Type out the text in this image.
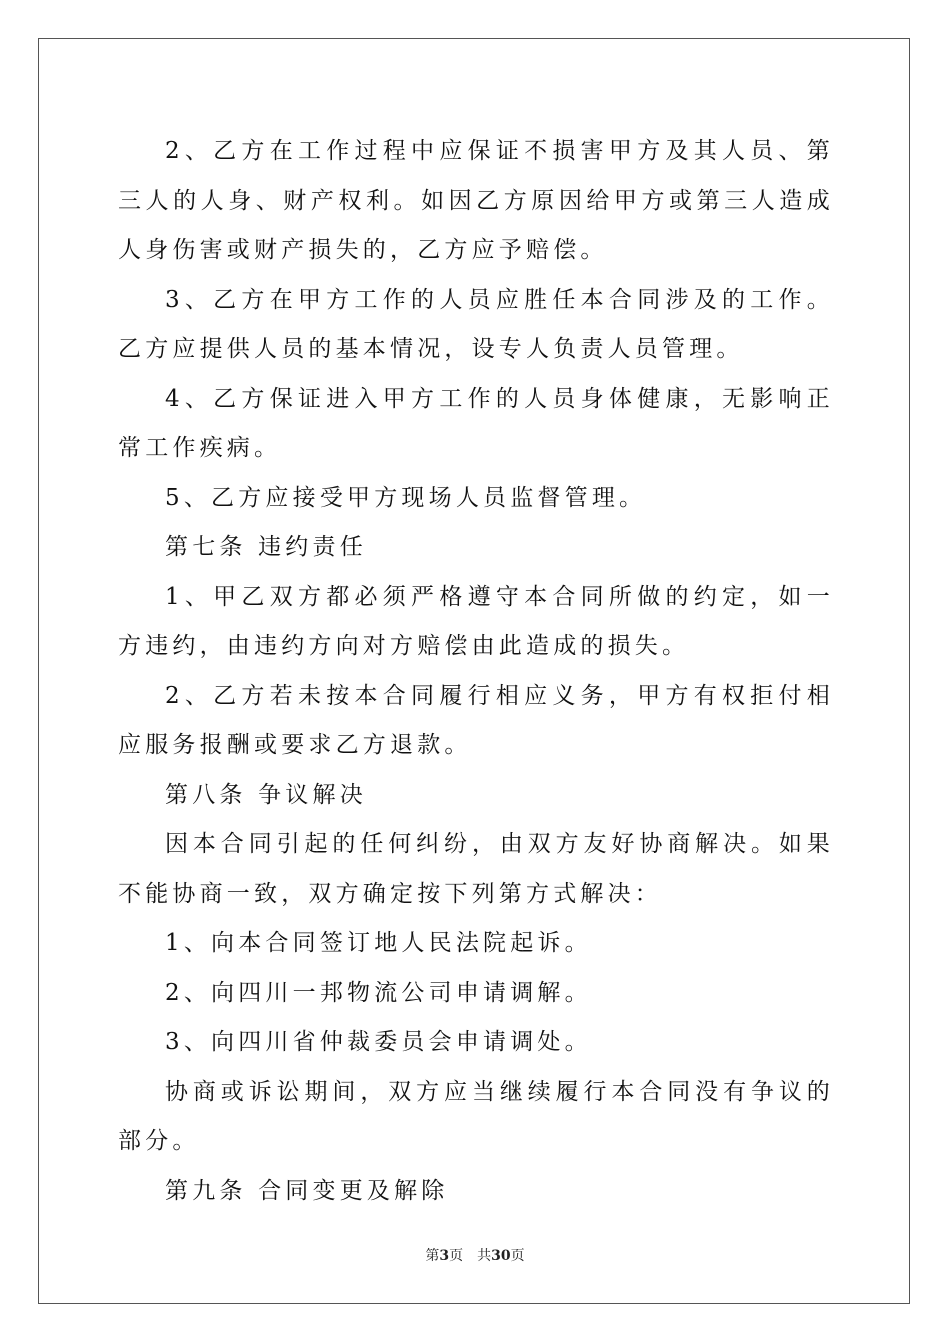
2、乙方在工作过程中应保证不损害甲方及其人员、第三人的人身、财产权利。如因乙方原因给甲方或第三人造成人身伤害或财产损失的，乙方应予赔偿。

3、乙方在甲方工作的人员应胜任本合同涉及的工作。乙方应提供人员的基本情况，设专人负责人员管理。

4、乙方保证进入甲方工作的人员身体健康，无影响正常工作疾病。

5、乙方应接受甲方现场人员监督管理。

第七条 违约责任

1、甲乙双方都必须严格遵守本合同所做的约定，如一方违约，由违约方向对方赔偿由此造成的损失。

2、乙方若未按本合同履行相应义务，甲方有权拒付相应服务报酬或要求乙方退款。

第八条 争议解决

因本合同引起的任何纠纷，由双方友好协商解决。如果不能协商一致，双方确定按下列第方式解决：

1、向本合同签订地人民法院起诉。

2、向四川一邦物流公司申请调解。

3、向四川省仲裁委员会申请调处。

协商或诉讼期间，双方应当继续履行本合同没有争议的部分。

第九条 合同变更及解除

第3页 共30页
